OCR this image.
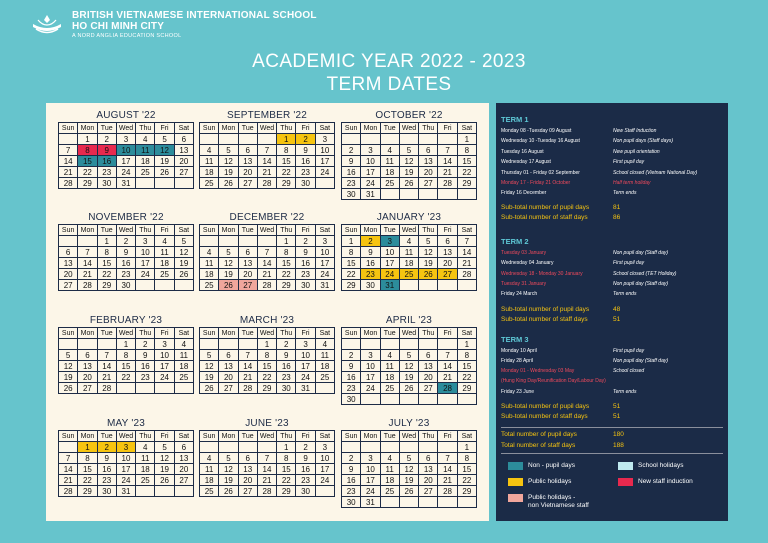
BRITISH VIETNAMESE INTERNATIONAL SCHOOL
HO CHI MINH CITY
A NORD ANGLIA EDUCATION SCHOOL
ACADEMIC YEAR 2022 - 2023
TERM DATES
AUGUST '22
Sun	Mon	Tue	Wed	Thu	Fri	Sat
	1	2	3	4	5	6
7	8	9	10	11	12	13
14	15	16	17	18	19	20
21	22	23	24	25	26	27
28	29	30	31			
SEPTEMBER '22
Sun	Mon	Tue	Wed	Thu	Fri	Sat
				1	2	3
4	5	6	7	8	9	10
11	12	13	14	15	16	17
18	19	20	21	22	23	24
25	26	27	28	29	30	
OCTOBER '22
Sun	Mon	Tue	Wed	Thu	Fri	Sat
						1
2	3	4	5	6	7	8
9	10	11	12	13	14	15
16	17	18	19	20	21	22
23	24	25	26	27	28	29
30	31					
NOVEMBER '22
Sun	Mon	Tue	Wed	Thu	Fri	Sat
		1	2	3	4	5
6	7	8	9	10	11	12
13	14	15	16	17	18	19
20	21	22	23	24	25	26
27	28	29	30			
DECEMBER '22
Sun	Mon	Tue	Wed	Thu	Fri	Sat
				1	2	3
4	5	6	7	8	9	10
11	12	13	14	15	16	17
18	19	20	21	22	23	24
25	26	27	28	29	30	31
JANUARY '23
Sun	Mon	Tue	Wed	Thu	Fri	Sat
1	2	3	4	5	6	7
8	9	10	11	12	13	14
15	16	17	18	19	20	21
22	23	24	25	26	27	28
29	30	31				
FEBRUARY '23
Sun	Mon	Tue	Wed	Thu	Fri	Sat
			1	2	3	4
5	6	7	8	9	10	11
12	13	14	15	16	17	18
19	20	21	22	23	24	25
26	27	28				
MARCH '23
Sun	Mon	Tue	Wed	Thu	Fri	Sat
			1	2	3	4
5	6	7	8	9	10	11
12	13	14	15	16	17	18
19	20	21	22	23	24	25
26	27	28	29	30	31	
APRIL '23
Sun	Mon	Tue	Wed	Thu	Fri	Sat
						1
2	3	4	5	6	7	8
9	10	11	12	13	14	15
16	17	18	19	20	21	22
23	24	25	26	27	28	29
30						
MAY '23
Sun	Mon	Tue	Wed	Thu	Fri	Sat
	1	2	3	4	5	6
7	8	9	10	11	12	13
14	15	16	17	18	19	20
21	22	23	24	25	26	27
28	29	30	31			
JUNE '23
Sun	Mon	Tue	Wed	Thu	Fri	Sat
				1	2	3
4	5	6	7	8	9	10
11	12	13	14	15	16	17
18	19	20	21	22	23	24
25	26	27	28	29	30	
JULY '23
Sun	Mon	Tue	Wed	Thu	Fri	Sat
						1
2	3	4	5	6	7	8
9	10	11	12	13	14	15
16	17	18	19	20	21	22
23	24	25	26	27	28	29
30	31					
TERM 1
Monday 08 -Tuesday 09 August	New Staff Induction
Wednesday 10 -Tuesday 16 August	Non pupil days (Staff days)
Tuesday 16 August	New pupil orientation
Wednesday 17 August	First pupil day
Thursday 01 - Friday 02 September	School closed (Vietnam National Day)
Monday 17 - Friday 21 October	Half term holiday
Friday 16 December	Term ends
Sub-total number of pupil days	81
Sub-total number of staff days	86
TERM 2
Tuesday 03 January	Non pupil day (Staff day)
Wednesday 04 January	First pupil day
Wednesday 18 - Monday 30 January	School closed (TET Holiday)
Tuesday 31 January	Non pupil day (Staff day)
Friday 24 March	Term ends
Sub-total number of pupil days	48
Sub-total number of staff days	51
TERM 3
Monday 10 April	First pupil day
Friday 28 April	Non pupil day (Staff day)
Monday 01 - Wednesday 03 May	School closed
(Hung King Day/Reunification Day/Labour Day)
Friday 23 June	Term ends
Sub-total number of pupil days	51
Sub-total number of staff days	51
Total number of pupil days	180
Total number of staff days	188
Non - pupil days	School holidays
Public holidays	New staff induction
Public holidays -
non Vietnamese staff
